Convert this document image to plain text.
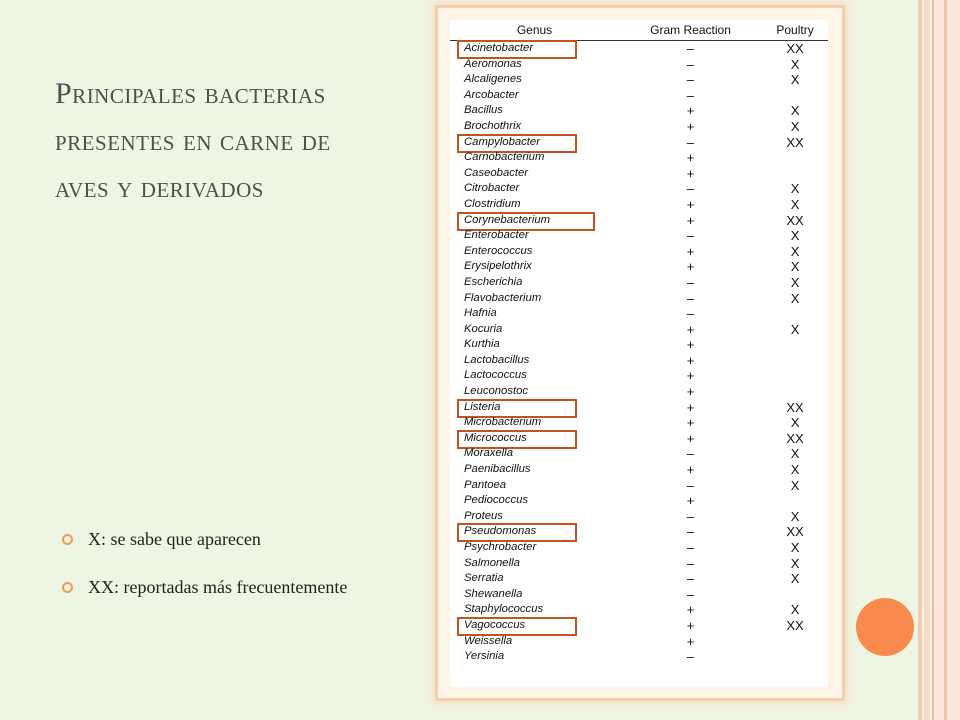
Principales bacterias presentes en carne de aves y derivados
X: se sabe que aparecen
XX: reportadas más frecuentemente
Genus	Gram Reaction	Poultry
Acinetobacter	–	XX
Aeromonas	–	X
Alcaligenes	–	X
Arcobacter	–	
Bacillus	+	X
Brochothrix	+	X
Campylobacter	–	XX
Carnobacterium	+	
Caseobacter	+	
Citrobacter	–	X
Clostridium	+	X
Corynebacterium	+	XX
Enterobacter	–	X
Enterococcus	+	X
Erysipelothrix	+	X
Escherichia	–	X
Flavobacterium	–	X
Hafnia	–	
Kocuria	+	X
Kurthia	+	
Lactobacillus	+	
Lactococcus	+	
Leuconostoc	+	
Listeria	+	XX
Microbacterium	+	X
Micrococcus	+	XX
Moraxella	–	X
Paenibacillus	+	X
Pantoea	–	X
Pediococcus	+	
Proteus	–	X
Pseudomonas	–	XX
Psychrobacter	–	X
Salmonella	–	X
Serratia	–	X
Shewanella	–	
Staphylococcus	+	X
Vagococcus	+	XX
Weissella	+	
Yersinia	–	
